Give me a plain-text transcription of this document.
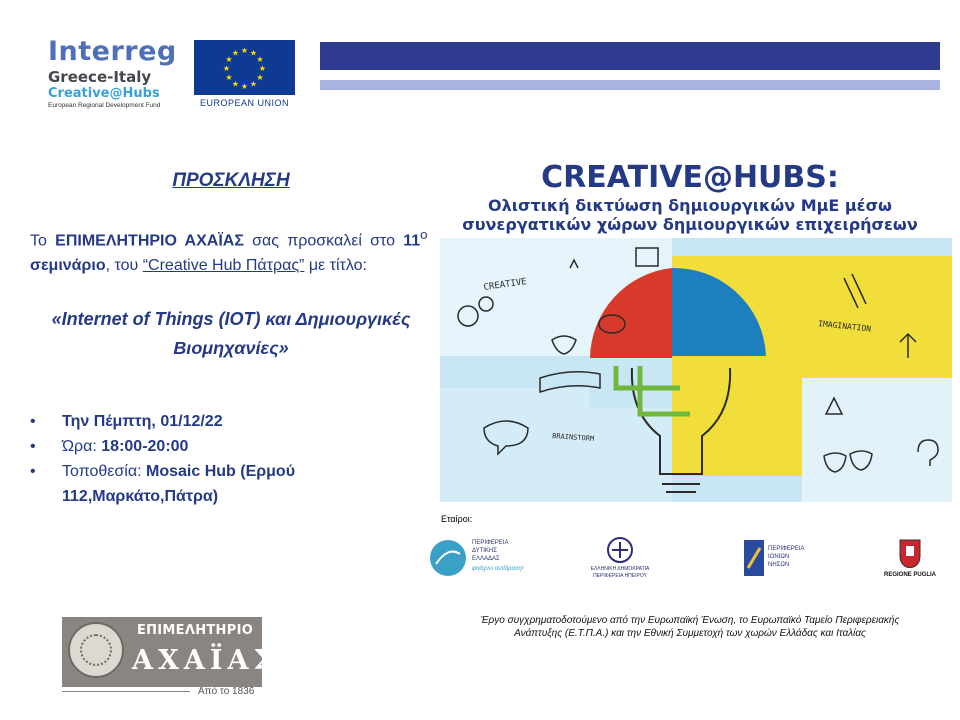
Interreg
Greece-Italy
Creative@Hubs
European Regional Development Fund
★ ★
★
★
★
★
★
★
★
★
★
★
EUROPEAN UNION
ΠΡΟΣΚΛΗΣΗ

Το ΕΠΙΜΕΛΗΤΗΡΙΟ ΑΧΑΪΑΣ σας προσκαλεί στο $11^o$  σεμινάριο, του “Creative Hub Πάτρας” με τίτλο:

«Internet of Things (IOT) και Δημιουργικές Βιομηχανίες»

• Την Πέμπτη, 01/12/22
• Ώρα: 18:00-20:00
• Τοποθεσία: Mosaic Hub (Ερμού 112,Μαρκάτο,Πάτρα)
ΕΠΙΜΕΛΗΤΗΡΙΟ
ΑΧΑΪΑΣ
Από το 1836
CREATIVE@HUBS:
Ολιστική δικτύωση δημιουργικών ΜμΕ μέσω
συνεργατικών χώρων δημιουργικών επιχειρήσεων
CREATIVE
IMAGINATION
BRAINSTORM
Εταίροι:
ΠΕΡΙΦΕΡΕΙΑ
ΔΥΤΙΚΗΣ
ΕΛΛΑΔΑΣ
φτιάχνει αντίδραση!	ΕΛΛΗΝΙΚΗ ΔΗΜΟΚΡΑΤΙΑ
ΠΕΡΙΦΕΡΕΙΑ ΗΠΕΙΡΟΥ
ΠΕΡΙΦΕΡΕΙΑ
ΙΟΝΙΩΝ
ΝΗΣΩΝ
REGIONE PUGLIA
Έργο συγχρηματοδοτούμενο από την Ευρωπαϊκή Ένωση, το Ευρωπαϊκό Ταμείο Περιφερειακής
Ανάπτυξης (Ε.Τ.Π.Α.) και την Εθνική Συμμετοχή των χωρών Ελλάδας και Ιταλίας
